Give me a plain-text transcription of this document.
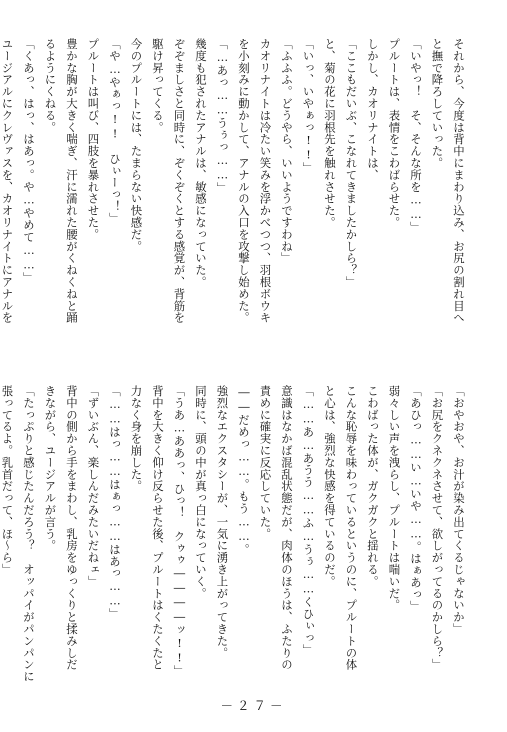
それから、今度は背中にまわり込み、お尻の割れ目へ
と撫で降ろしていった。
「いやっ！　そ、そんな所を……」
プルートは、表情をこわばらせた。
しかし、カオリナイトは、
「ここもだいぶ、こなれてきましたかしら？」
と、菊の花に羽根先を触れさせた。
「いっ、いやぁっ!!」
「ふふふ。どうやら、いいようですわね」
カオリナイトは冷たい笑みを浮かべつつ、羽根ボウキ
を小刻みに動かして、アナルの入口を攻撃し始めた。
「…あっ……うぅっ……」
幾度も犯されたアナルは、敏感になっていた。
ぞぞましさと同時に、ぞくぞくとする感覚が、背筋を
駆け昇ってくる。
今のプルートには、たまらない快感だ。
「や…やぁっ!!　ひぃーっ！」
プルートは叫び、四肢を暴れさせた。
豊かな胸が大きく喘ぎ、汗に濡れた腰がくねくねと踊
るようにくねる。
「くあっ、はっ、はあっ。や…やめて……」
ユージアルにクレヴァスを、カオリナイトにアナルを
「おやおや、お汁が染み出てくるじゃないか」
「お尻をクネクネさせて、欲しがってるのかしら？」
「あひっ……い…いや……。はぁあっ」
弱々しい声を洩らし、プルートは喘いだ。
こわばった体が、ガクガクと揺れる。
こんな恥辱を味わっているというのに、プルートの体
と心は、強烈な快感を得ているのだ。
「……あ…あうう……ふ…うぅ……くひぃっ」
意識はなかば混乱状態だが、肉体のほうは、ふたりの
責めに確実に反応していた。
――だめっ……。もう……。
強烈なエクスタシーが、一気に湧き上がってきた。
同時に、頭の中が真っ白になっていく。
「うあ…ああっ、ひっ！　クゥゥ――――ッ!!」
背中を大きく仰け反らせた後、プルートはくたくたと
力なく身を崩した。
「……はっ……はぁっ……はあっ……」
「ずいぶん、楽しんだみたいだねェ」
背中の側から手をまわし、乳房をゆっくりと揉みしだ
きながら、ユージアルが言う。
「たっぷりと感じたんだろう？　オッパイがパンパンに
張ってるよ。乳首だって、ほ～ら」
－２７－
